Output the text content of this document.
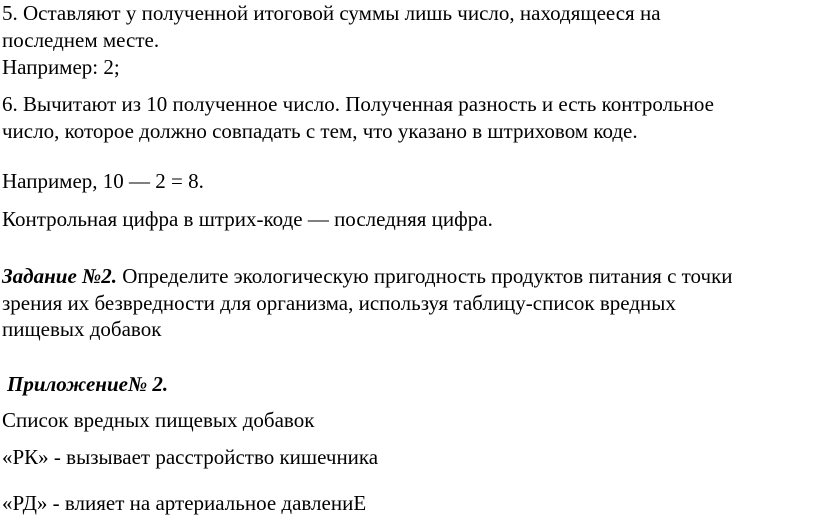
5. Оставляют у полученной итоговой суммы лишь число, находящееся на

последнем месте.

Например: 2;

6. Вычитают из 10 полученное число. Полученная разность и есть контрольное

число, которое должно совпадать с тем, что указано в штриховом коде.

Например, 10 — 2 = 8.

Контрольная цифра в штрих-коде — последняя цифра.

Задание №2. Определите экологическую пригодность продуктов питания с точки

зрения их безвредности для организма, используя таблицу-список вредных

пищевых добавок

Приложение№ 2.

Список вредных пищевых добавок

«РК» - вызывает расстройство кишечника

«РД» - влияет на артериальное давлениЕ
